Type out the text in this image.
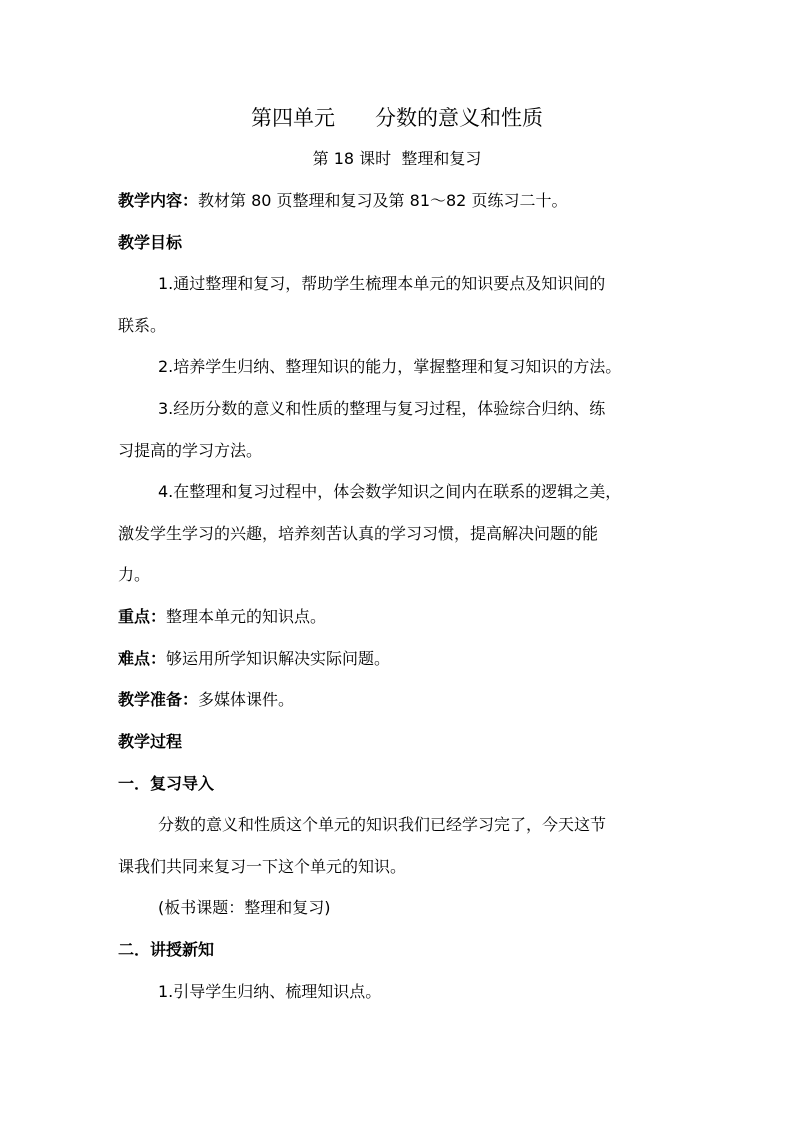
第四单元      分数的意义和性质
第 18 课时  整理和复习
教学内容：教材第 80 页整理和复习及第 81～82 页练习二十。
教学目标
1.通过整理和复习，帮助学生梳理本单元的知识要点及知识间的
联系。
2.培养学生归纳、整理知识的能力，掌握整理和复习知识的方法。
3.经历分数的意义和性质的整理与复习过程，体验综合归纳、练
习提高的学习方法。
4.在整理和复习过程中，体会数学知识之间内在联系的逻辑之美，
激发学生学习的兴趣，培养刻苦认真的学习习惯，提高解决问题的能
力。
重点：整理本单元的知识点。
难点：够运用所学知识解决实际问题。
教学准备：多媒体课件。
教学过程
一．复习导入
分数的意义和性质这个单元的知识我们已经学习完了，今天这节
课我们共同来复习一下这个单元的知识。
(板书课题：整理和复习)
二．讲授新知
1.引导学生归纳、梳理知识点。
